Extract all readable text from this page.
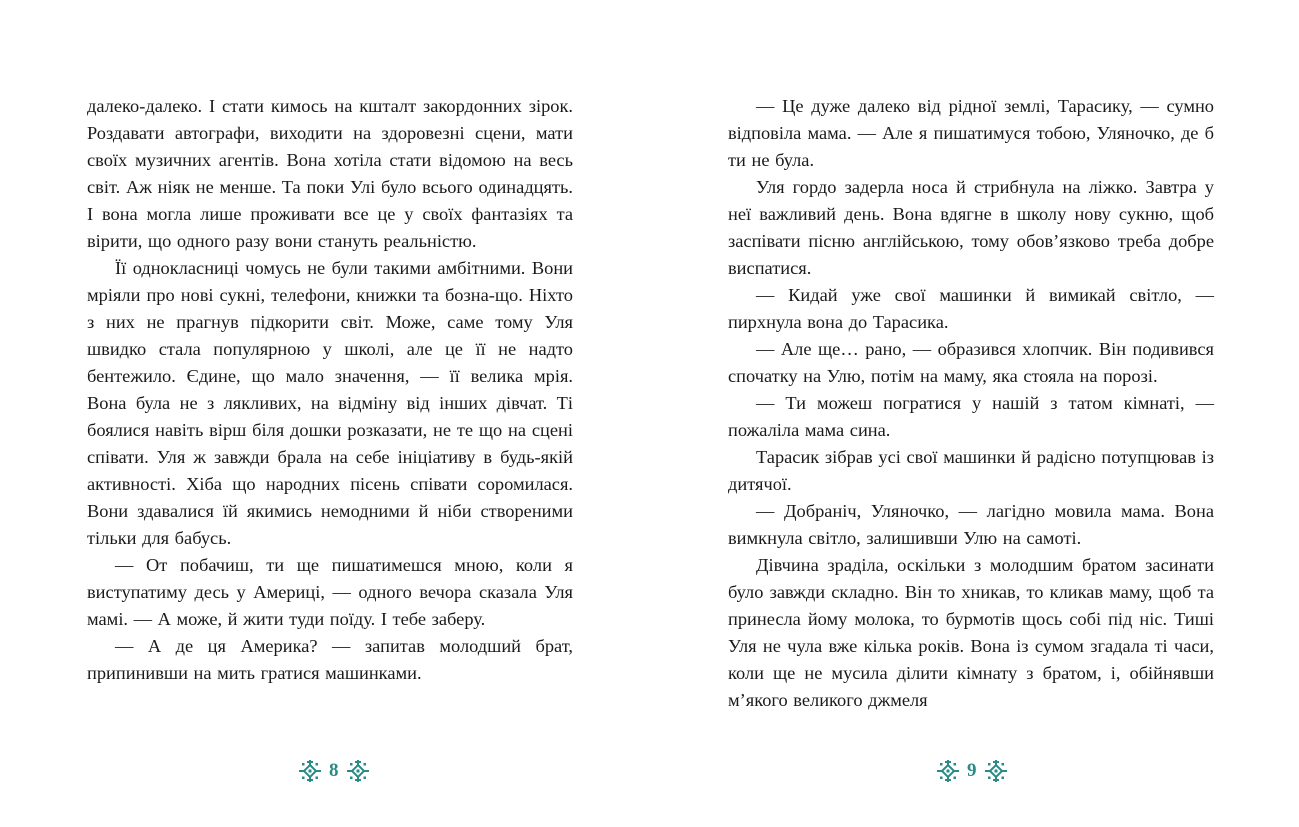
далеко-далеко. І стати кимось на кшталт закордонних зірок. Роздавати автографи, виходити на здоровезні сцени, мати своїх музичних агентів. Вона хотіла стати відомою на весь світ. Аж ніяк не менше. Та поки Улі було всього одинадцять. І вона могла лише проживати все це у своїх фантазіях та вірити, що одного разу вони стануть реальністю.

Її однокласниці чомусь не були такими амбітними. Вони мріяли про нові сукні, телефони, книжки та бозна-що. Ніхто з них не прагнув підкорити світ. Може, саме тому Уля швидко стала популярною у школі, але це її не надто бентежило. Єдине, що мало значення, — її велика мрія. Вона була не з лякливих, на відміну від інших дівчат. Ті боялися навіть вірш біля дошки розказати, не те що на сцені співати. Уля ж завжди брала на себе ініціативу в будь-якій активності. Хіба що народних пісень співати соромилася. Вони здавалися їй якимись немодними й ніби створеними тільки для бабусь.

— От побачиш, ти ще пишатимешся мною, коли я виступатиму десь у Америці, — одного вечора сказала Уля мамі. — А може, й жити туди поїду. І тебе заберу.

— А де ця Америка? — запитав молодший брат, припинивши на мить гратися машинками.

— Це дуже далеко від рідної землі, Тарасику, — сумно відповіла мама. — Але я пишатимуся тобою, Уляночко, де б ти не була.

Уля гордо задерла носа й стрибнула на ліжко. Завтра у неї важливий день. Вона вдягне в школу нову сукню, щоб заспівати пісню англійською, тому обов’язково треба добре виспатися.

— Кидай уже свої машинки й вимикай світло, — пирхнула вона до Тарасика.

— Але ще… рано, — образився хлопчик. Він подивився спочатку на Улю, потім на маму, яка стояла на порозі.

— Ти можеш погратися у нашій з татом кімнаті, — пожаліла мама сина.

Тарасик зібрав усі свої машинки й радісно потупцював із дитячої.

— Добраніч, Уляночко, — лагідно мовила мама. Вона вимкнула світло, залишивши Улю на самоті.

Дівчина зраділа, оскільки з молодшим братом засинати було завжди складно. Він то хникав, то кликав маму, щоб та принесла йому молока, то бурмотів щось собі під ніс. Тиші Уля не чула вже кілька років. Вона із сумом згадала ті часи, коли ще не мусила ділити кімнату з братом, і, обійнявши м’якого великого джмеля

8	9
